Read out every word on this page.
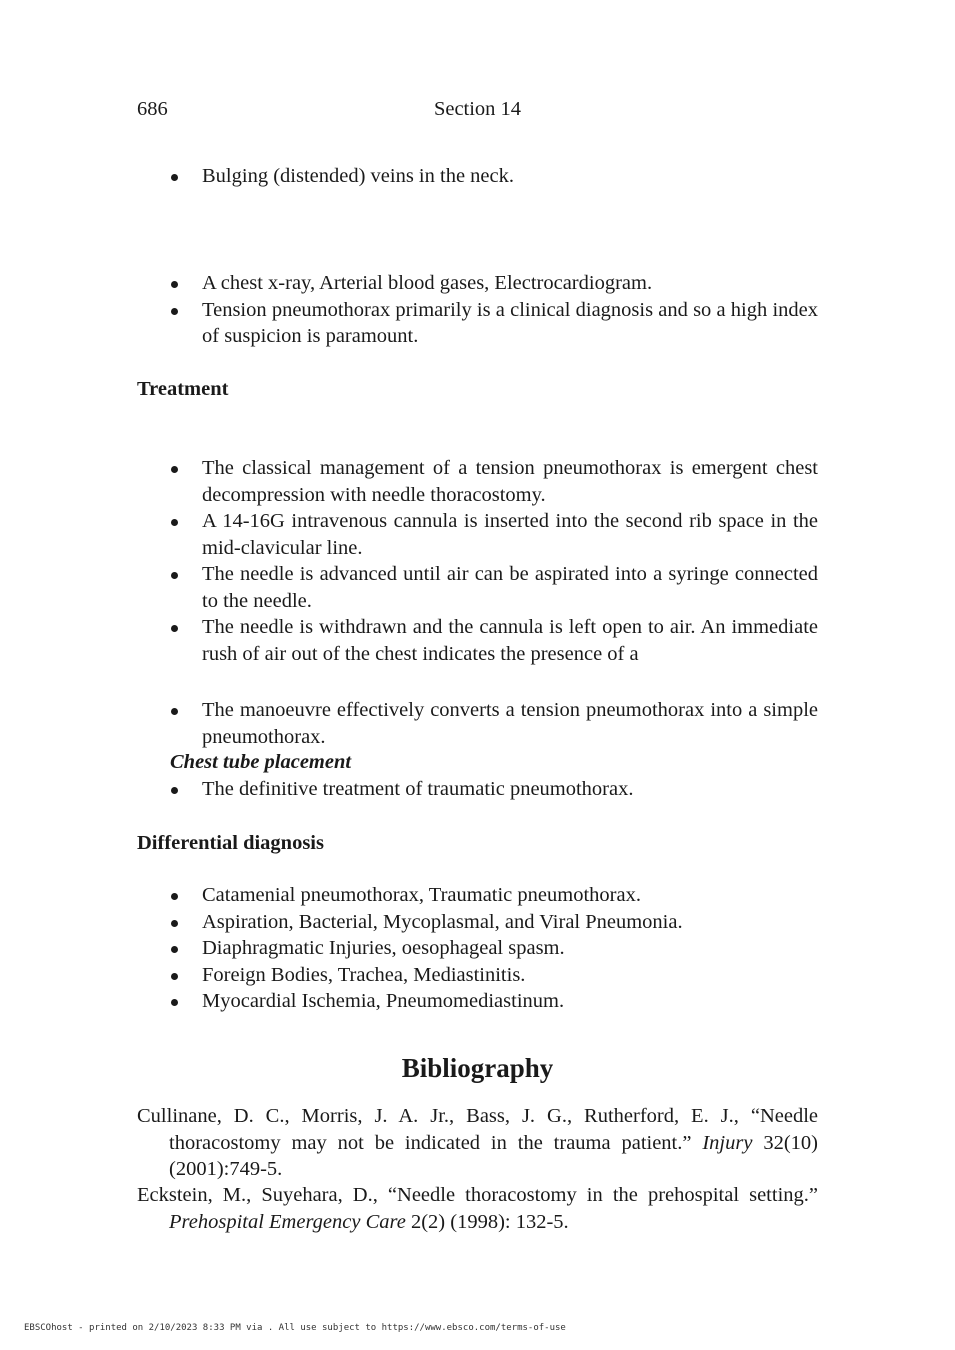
686	Section 14
Bulging (distended) veins in the neck.
A chest x-ray, Arterial blood gases, Electrocardiogram.
Tension pneumothorax primarily is a clinical diagnosis and so a high index of suspicion is paramount.
Treatment
The classical management of a tension pneumothorax is emergent chest decompression with needle thoracostomy.
A 14-16G intravenous cannula is inserted into the second rib space in the mid-clavicular line.
The needle is advanced until air can be aspirated into a syringe connected to the needle.
The needle is withdrawn and the cannula is left open to air. An immediate rush of air out of the chest indicates the presence of a
The manoeuvre effectively converts a tension pneumothorax into a simple pneumothorax.
Chest tube placement
The definitive treatment of traumatic pneumothorax.
Differential diagnosis
Catamenial pneumothorax, Traumatic pneumothorax.
Aspiration, Bacterial, Mycoplasmal, and Viral Pneumonia.
Diaphragmatic Injuries, oesophageal spasm.
Foreign Bodies, Trachea, Mediastinitis.
Myocardial Ischemia, Pneumomediastinum.
Bibliography
Cullinane, D. C., Morris, J. A. Jr., Bass, J. G., Rutherford, E. J., “Needle thoracostomy may not be indicated in the trauma patient.” Injury 32(10) (2001):749-5.
Eckstein, M., Suyehara, D., “Needle thoracostomy in the prehospital setting.” Prehospital Emergency Care 2(2) (1998): 132-5.
EBSCOhost - printed on 2/10/2023 8:33 PM via . All use subject to https://www.ebsco.com/terms-of-use
